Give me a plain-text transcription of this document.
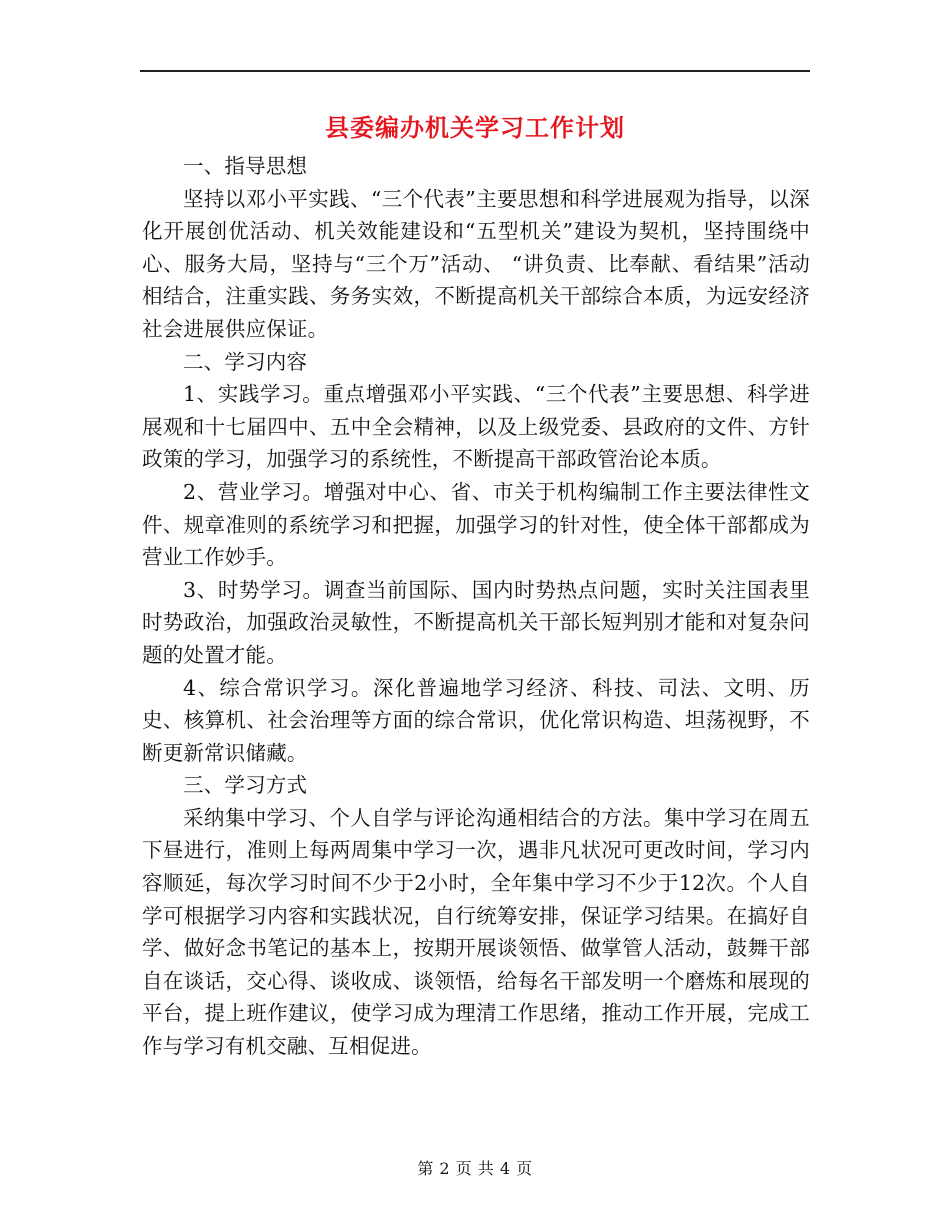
县委编办机关学习工作计划

一、指导思想

坚持以邓小平实践、“三个代表”主要思想和科学进展观为指导，以深化开展创优活动、机关效能建设和“五型机关”建设为契机，坚持围绕中心、服务大局，坚持与“三个万”活动、 “讲负责、比奉献、看结果”活动相结合，注重实践、务务实效，不断提高机关干部综合本质，为远安经济社会进展供应保证。

二、学习内容

1、实践学习。重点增强邓小平实践、“三个代表”主要思想、科学进展观和十七届四中、五中全会精神，以及上级党委、县政府的文件、方针政策的学习，加强学习的系统性，不断提高干部政管治论本质。

2、营业学习。增强对中心、省、市关于机构编制工作主要法律性文件、规章准则的系统学习和把握，加强学习的针对性，使全体干部都成为营业工作妙手。

3、时势学习。调查当前国际、国内时势热点问题，实时关注国表里时势政治，加强政治灵敏性，不断提高机关干部长短判别才能和对复杂问题的处置才能。

4、综合常识学习。深化普遍地学习经济、科技、司法、文明、历史、核算机、社会治理等方面的综合常识，优化常识构造、坦荡视野，不断更新常识储藏。

三、学习方式

采纳集中学习、个人自学与评论沟通相结合的方法。集中学习在周五下昼进行，准则上每两周集中学习一次，遇非凡状况可更改时间，学习内容顺延，每次学习时间不少于2小时，全年集中学习不少于12次。个人自学可根据学习内容和实践状况，自行统筹安排，保证学习结果。在搞好自学、做好念书笔记的基本上，按期开展谈领悟、做掌管人活动，鼓舞干部自在谈话，交心得、谈收成、谈领悟，给每名干部发明一个磨炼和展现的平台，提上班作建议，使学习成为理清工作思绪，推动工作开展，完成工作与学习有机交融、互相促进。

第 2 页 共 4 页
